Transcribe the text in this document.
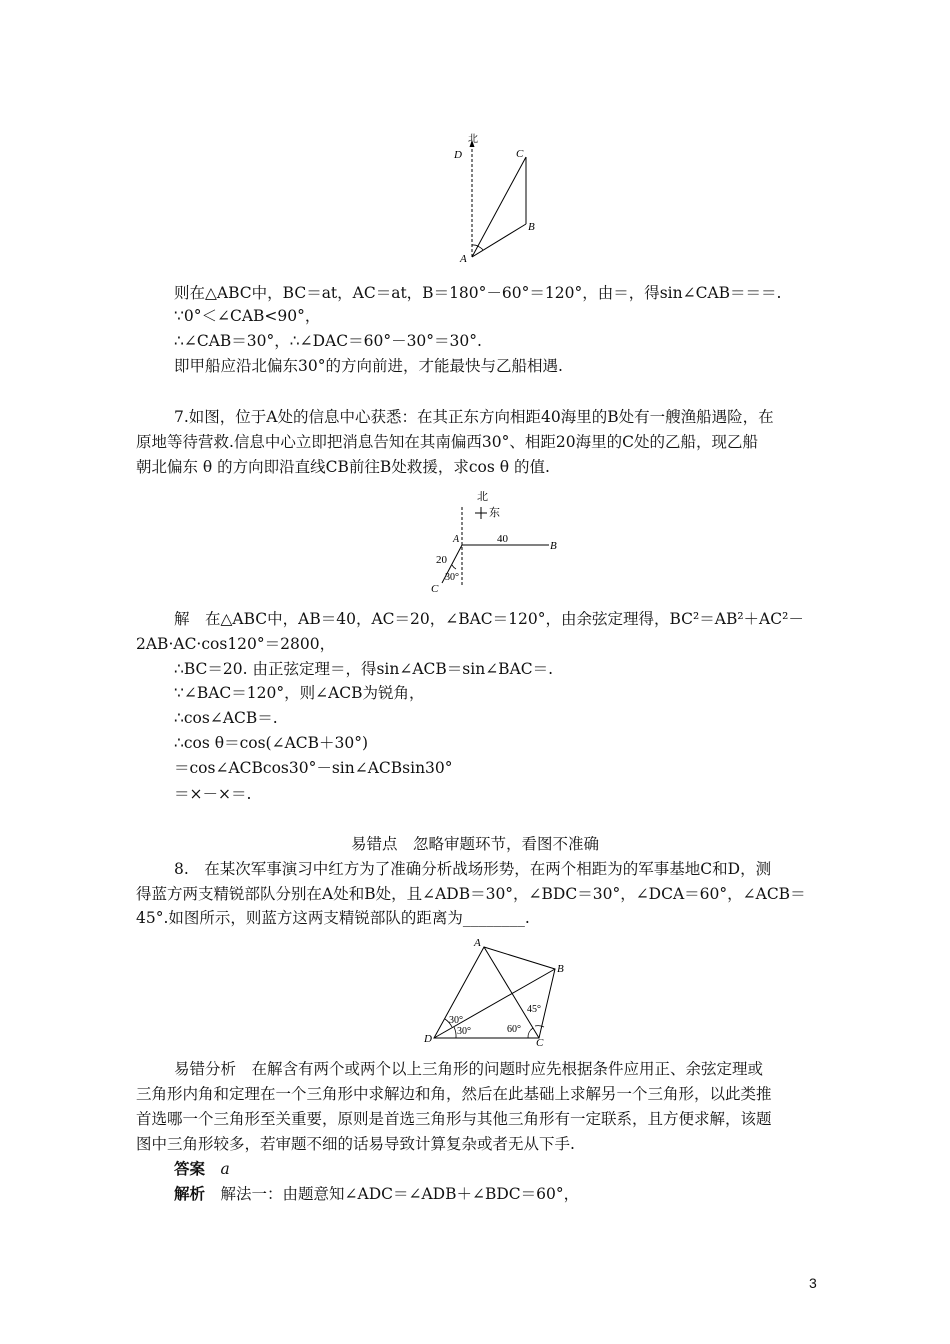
北
D	C
B
A
则在△ABC中，BC＝at，AC＝at，B＝180°－60°＝120°，由＝，得sin∠CAB＝＝＝.
∵0°＜∠CAB<90°，
∴∠CAB＝30°，∴∠DAC＝60°－30°＝30°.
即甲船应沿北偏东30°的方向前进，才能最快与乙船相遇.
7.如图，位于A处的信息中心获悉：在其正东方向相距40海里的B处有一艘渔船遇险，在
原地等待营救.信息中心立即把消息告知在其南偏西30°、相距20海里的C处的乙船，现乙船
朝北偏东 θ 的方向即沿直线CB前往B处救援，求cos θ 的值.
北
东
A	40
B
20
30°
C
解　在△ABC中，AB＝40，AC＝20，∠BAC＝120°，由余弦定理得，BC²＝AB²＋AC²－
2AB·AC·cos120°＝2800，
∴BC＝20. 由正弦定理＝，得sin∠ACB＝sin∠BAC＝.
∵∠BAC＝120°，则∠ACB为锐角，
∴cos∠ACB＝.
∴cos θ＝cos(∠ACB＋30°)
＝cos∠ACBcos30°－sin∠ACBsin30°
＝×－×＝.
易错点　忽略审题环节，看图不准确
8.　在某次军事演习中红方为了准确分析战场形势，在两个相距为的军事基地C和D，测
得蓝方两支精锐部队分别在A处和B处，且∠ADB＝30°，∠BDC＝30°，∠DCA＝60°，∠ACB＝
45°.如图所示，则蓝方这两支精锐部队的距离为________.
A
B
D	C
30°
30°	60°
45°
易错分析　在解含有两个或两个以上三角形的问题时应先根据条件应用正、余弦定理或
三角形内角和定理在一个三角形中求解边和角，然后在此基础上求解另一个三角形，以此类推
首选哪一个三角形至关重要，原则是首选三角形与其他三角形有一定联系，且方便求解，该题
图中三角形较多，若审题不细的话易导致计算复杂或者无从下手.
答案　 a
解析　 解法一：由题意知∠ADC＝∠ADB＋∠BDC＝60°，
3
